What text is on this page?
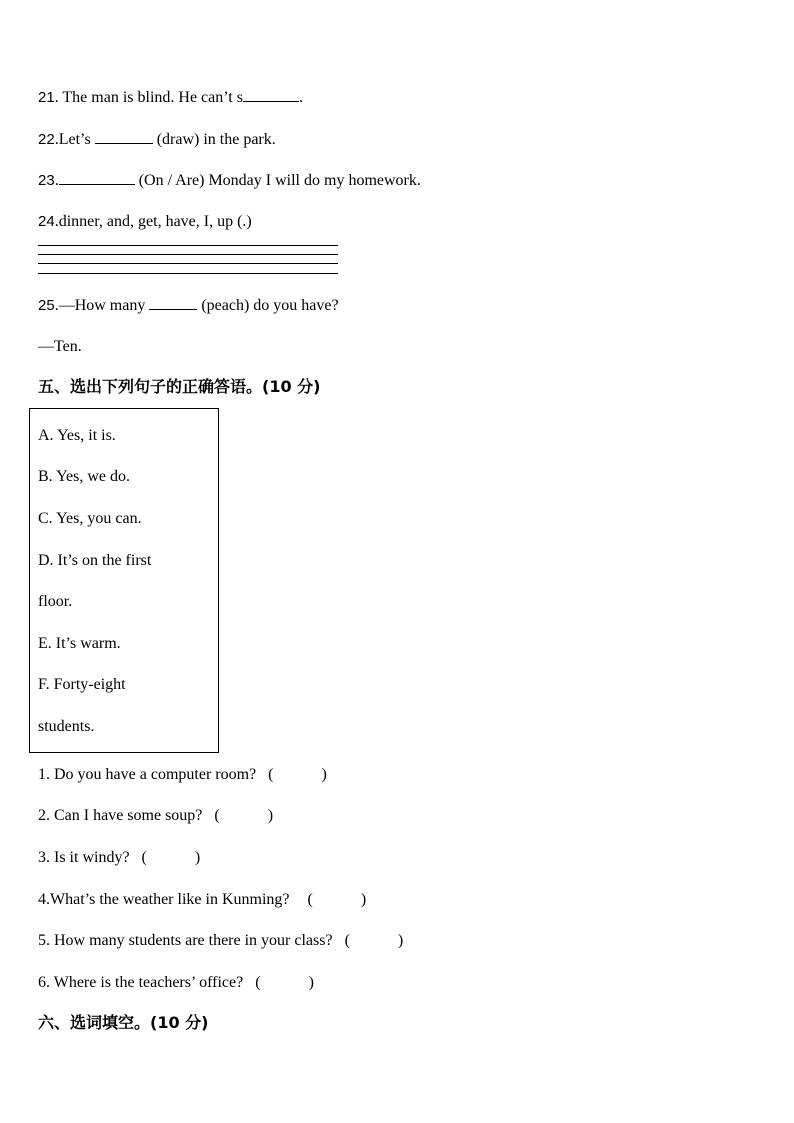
21. The man is blind. He can’t s	.
22.Let’s	(draw) in the park.
23.	(On / Are) Monday I will do my homework.
24.dinner, and, get, have, I, up (.)
25.—How many	(peach) do you have?
—Ten.
五、选出下列句子的正确答语。(10 分)
A. Yes, it is.
B. Yes, we do.
C. Yes, you can.
D. It’s on the first
floor.
E. It’s warm.
F. Forty-eight
students.
1. Do you have a computer room? (　　　)
2. Can I have some soup? (　　　)
3. Is it windy? (　　　)
4.What’s the weather like in Kunming? (　　　)
5. How many students are there in your class? (　　　)
6. Where is the teachers’ office? (　　　)
六、选词填空。(10 分)
